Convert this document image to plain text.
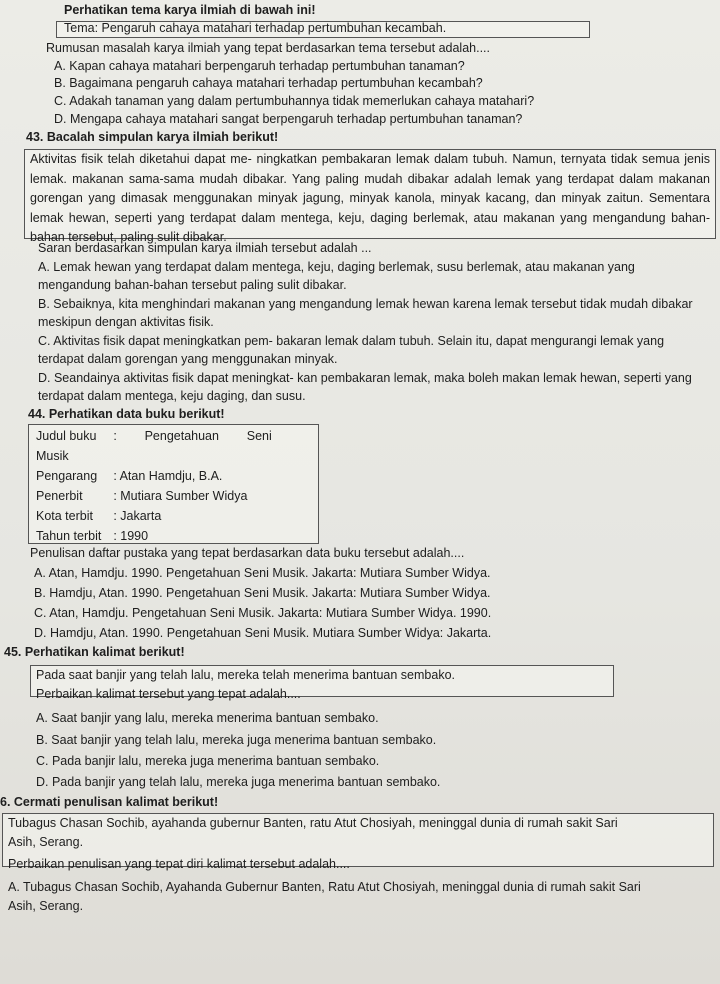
Perhatikan tema karya ilmiah di bawah ini!
Tema: Pengaruh cahaya matahari terhadap pertumbuhan kecambah.
Rumusan masalah karya ilmiah yang tepat berdasarkan tema tersebut adalah....
A. Kapan cahaya matahari berpengaruh terhadap pertumbuhan tanaman?
B. Bagaimana pengaruh cahaya matahari terhadap pertumbuhan kecambah?
C. Adakah tanaman yang dalam pertumbuhannya tidak memerlukan cahaya matahari?
D. Mengapa cahaya matahari sangat berpengaruh terhadap pertumbuhan tanaman?
43. Bacalah simpulan karya ilmiah berikut!
Aktivitas fisik telah diketahui dapat me- ningkatkan pembakaran lemak dalam tubuh. Namun, ternyata tidak semua jenis lemak. makanan sama-sama mudah dibakar. Yang paling mudah dibakar adalah lemak yang terdapat dalam makanan gorengan yang dimasak menggunakan minyak jagung, minyak kanola, minyak kacang, dan minyak zaitun. Sementara lemak hewan, seperti yang terdapat dalam mentega, keju, daging berlemak, atau makanan yang mengandung bahan-bahan tersebut, paling sulit dibakar.
Saran berdasarkan simpulan karya ilmiah tersebut adalah ...
A. Lemak hewan yang terdapat dalam mentega, keju, daging berlemak, susu berlemak, atau makanan yang
mengandung bahan-bahan tersebut paling sulit dibakar.
B. Sebaiknya, kita menghindari makanan yang mengandung lemak hewan karena lemak tersebut tidak mudah dibakar
meskipun dengan aktivitas fisik.
C. Aktivitas fisik dapat meningkatkan pem- bakaran lemak dalam tubuh. Selain itu, dapat mengurangi lemak yang
terdapat dalam gorengan yang menggunakan minyak.
D. Seandainya aktivitas fisik dapat meningkat- kan pembakaran lemak, maka boleh makan lemak hewan, seperti yang
terdapat dalam mentega, keju daging, dan susu.
44. Perhatikan data buku berikut!
Judul buku	:        Pengetahuan        Seni
Musik	
Pengarang	: Atan Hamdju, B.A.
Penerbit	: Mutiara Sumber Widya
Kota terbit	: Jakarta
Tahun terbit	: 1990
Penulisan daftar pustaka yang tepat berdasarkan data buku tersebut adalah....
A. Atan, Hamdju. 1990. Pengetahuan Seni Musik. Jakarta: Mutiara Sumber Widya.
B. Hamdju, Atan. 1990. Pengetahuan Seni Musik. Jakarta: Mutiara Sumber Widya.
C. Atan, Hamdju. Pengetahuan Seni Musik. Jakarta: Mutiara Sumber Widya. 1990.
D. Hamdju, Atan. 1990. Pengetahuan Seni Musik. Mutiara Sumber Widya: Jakarta.
45. Perhatikan kalimat berikut!
Pada saat banjir yang telah lalu, mereka telah menerima bantuan sembako.
Perbaikan kalimat tersebut yang tepat adalah....
A. Saat banjir yang lalu, mereka menerima bantuan sembako.
B. Saat banjir yang telah lalu, mereka juga menerima bantuan sembako.
C. Pada banjir lalu, mereka juga menerima bantuan sembako.
D. Pada banjir yang telah lalu, mereka juga menerima bantuan sembako.
6. Cermati penulisan kalimat berikut!
Tubagus Chasan Sochib, ayahanda gubernur Banten, ratu Atut Chosiyah, meninggal dunia di rumah sakit Sari
Asih, Serang.
Perbaikan penulisan yang tepat diri kalimat tersebut adalah....
A. Tubagus Chasan Sochib, Ayahanda Gubernur Banten, Ratu Atut Chosiyah, meninggal dunia di rumah sakit Sari
Asih, Serang.
